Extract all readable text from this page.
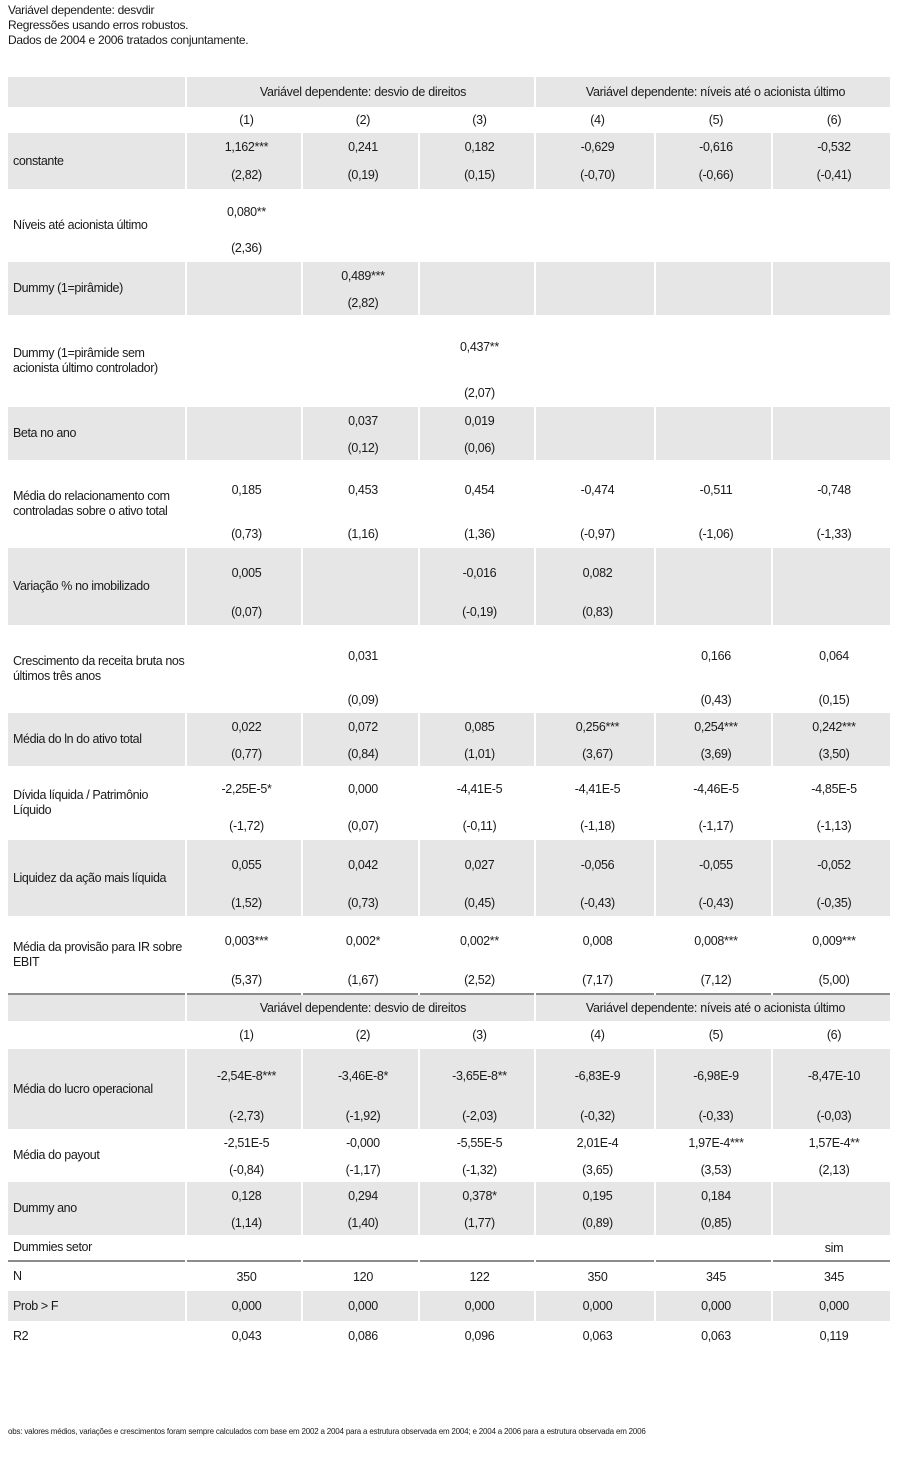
Variável dependente: desvdir
Regressões usando erros robustos.
Dados de 2004 e 2006 tratados conjuntamente.
	Variável dependente: desvio de direitos			Variável dependente: níveis até o acionista último		
	(1)	(2)	(3)	(4)	(5)	(6)
constante	1,162***	0,241	0,182	-0,629	-0,616	-0,532
	(2,82)	(0,19)	(0,15)	(-0,70)	(-0,66)	(-0,41)
Níveis até acionista último	0,080**					
	(2,36)					
Dummy (1=pirâmide)		0,489***				
		(2,82)				
Dummy (1=pirâmide sem acionista último controlador)			0,437**			
			(2,07)			
Beta no ano		0,037	0,019			
		(0,12)	(0,06)			
Média do relacionamento com controladas sobre o ativo total	0,185	0,453	0,454	-0,474	-0,511	-0,748
	(0,73)	(1,16)	(1,36)	(-0,97)	(-1,06)	(-1,33)
Variação % no imobilizado	0,005		-0,016	0,082		
	(0,07)		(-0,19)	(0,83)		
Crescimento da receita bruta nos últimos três anos		0,031			0,166	0,064
		(0,09)			(0,43)	(0,15)
Média do ln do ativo total	0,022	0,072	0,085	0,256***	0,254***	0,242***
	(0,77)	(0,84)	(1,01)	(3,67)	(3,69)	(3,50)
Dívida líquida / Patrimônio Líquido	-2,25E-5*	0,000	-4,41E-5	-4,41E-5	-4,46E-5	-4,85E-5
	(-1,72)	(0,07)	(-0,11)	(-1,18)	(-1,17)	(-1,13)
Liquidez da ação mais líquida	0,055	0,042	0,027	-0,056	-0,055	-0,052
	(1,52)	(0,73)	(0,45)	(-0,43)	(-0,43)	(-0,35)
Média da provisão para IR sobre EBIT	0,003***	0,002*	0,002**	0,008	0,008***	0,009***
	(5,37)	(1,67)	(2,52)	(7,17)	(7,12)	(5,00)
	Variável dependente: desvio de direitos			Variável dependente: níveis até o acionista último		
	(1)	(2)	(3)	(4)	(5)	(6)
Média do lucro operacional	-2,54E-8***	-3,46E-8*	-3,65E-8**	-6,83E-9	-6,98E-9	-8,47E-10
	(-2,73)	(-1,92)	(-2,03)	(-0,32)	(-0,33)	(-0,03)
Média do payout	-2,51E-5	-0,000	-5,55E-5	2,01E-4	1,97E-4***	1,57E-4**
	(-0,84)	(-1,17)	(-1,32)	(3,65)	(3,53)	(2,13)
Dummy ano	0,128	0,294	0,378*	0,195	0,184	
	(1,14)	(1,40)	(1,77)	(0,89)	(0,85)	
Dummies setor						sim
N	350	120	122	350	345	345
Prob > F	0,000	0,000	0,000	0,000	0,000	0,000
R2	0,043	0,086	0,096	0,063	0,063	0,119
obs: valores médios, variações e crescimentos foram sempre calculados com base em 2002 a 2004 para a estrutura observada em 2004; e 2004 a 2006 para a estrutura observada em 2006
